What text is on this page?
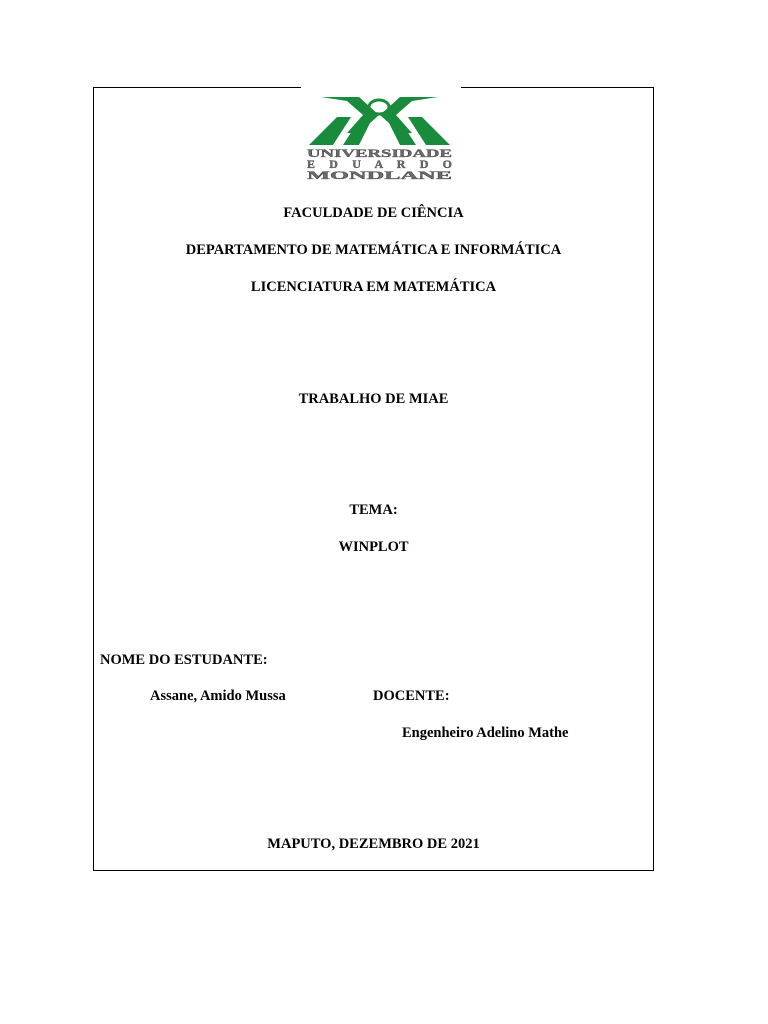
UNIVERSIDADE
E D U A R D O
MONDLANE
FACULDADE DE CIÊNCIA
DEPARTAMENTO DE MATEMÁTICA E INFORMÁTICA
LICENCIATURA EM MATEMÁTICA
TRABALHO DE MIAE
TEMA:
WINPLOT
NOME DO ESTUDANTE:
Assane, Amido Mussa	DOCENTE:
Engenheiro Adelino Mathe
MAPUTO, DEZEMBRO DE 2021
